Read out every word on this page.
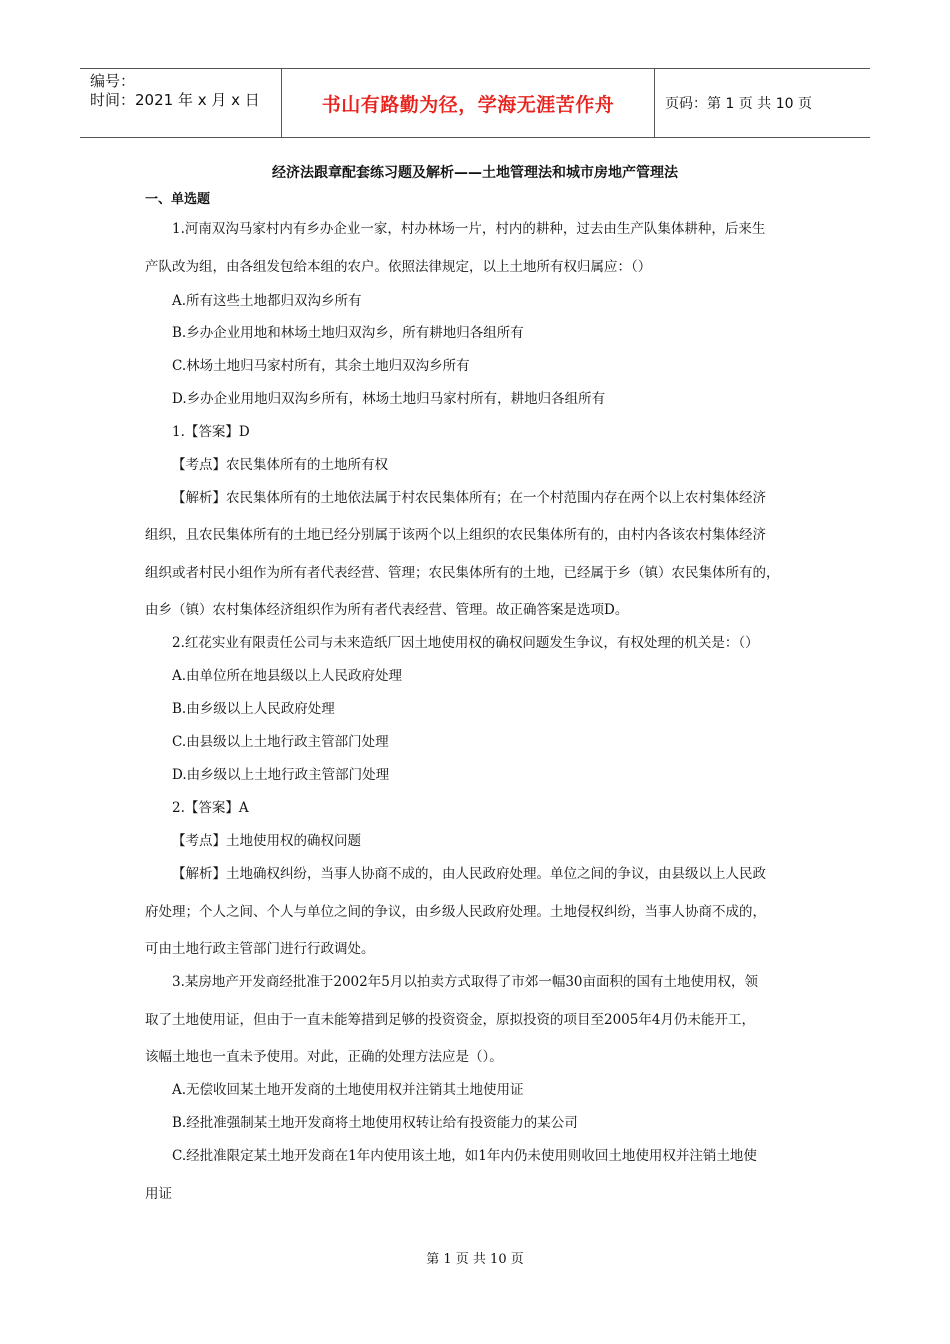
编号：
时间：2021 年 x 月 x 日	书山有路勤为径，学海无涯苦作舟	页码：第 1 页 共 10 页
经济法跟章配套练习题及解析——土地管理法和城市房地产管理法
一、单选题
1.河南双沟马家村内有乡办企业一家，村办林场一片，村内的耕种，过去由生产队集体耕种，后来生
产队改为组，由各组发包给本组的农户。依照法律规定，以上土地所有权归属应：（）
A.所有这些土地都归双沟乡所有
B.乡办企业用地和林场土地归双沟乡，所有耕地归各组所有
C.林场土地归马家村所有，其余土地归双沟乡所有
D.乡办企业用地归双沟乡所有，林场土地归马家村所有，耕地归各组所有
1.【答案】D
【考点】农民集体所有的土地所有权
【解析】农民集体所有的土地依法属于村农民集体所有；在一个村范围内存在两个以上农村集体经济
组织，且农民集体所有的土地已经分别属于该两个以上组织的农民集体所有的，由村内各该农村集体经济
组织或者村民小组作为所有者代表经营、管理；农民集体所有的土地，已经属于乡（镇）农民集体所有的，
由乡（镇）农村集体经济组织作为所有者代表经营、管理。故正确答案是选项D。
2.红花实业有限责任公司与未来造纸厂因土地使用权的确权问题发生争议，有权处理的机关是：（）
A.由单位所在地县级以上人民政府处理
B.由乡级以上人民政府处理
C.由县级以上土地行政主管部门处理
D.由乡级以上土地行政主管部门处理
2.【答案】A
【考点】土地使用权的确权问题
【解析】土地确权纠纷，当事人协商不成的，由人民政府处理。单位之间的争议，由县级以上人民政
府处理；个人之间、个人与单位之间的争议，由乡级人民政府处理。土地侵权纠纷，当事人协商不成的，
可由土地行政主管部门进行行政调处。
3.某房地产开发商经批准于2002年5月以拍卖方式取得了市郊一幅30亩面积的国有土地使用权，领
取了土地使用证，但由于一直未能筹措到足够的投资资金，原拟投资的项目至2005年4月仍未能开工，
该幅土地也一直未予使用。对此，正确的处理方法应是（）。
A.无偿收回某土地开发商的土地使用权并注销其土地使用证
B.经批准强制某土地开发商将土地使用权转让给有投资能力的某公司
C.经批准限定某土地开发商在1年内使用该土地，如1年内仍未使用则收回土地使用权并注销土地使
用证
第 1 页 共 10 页
